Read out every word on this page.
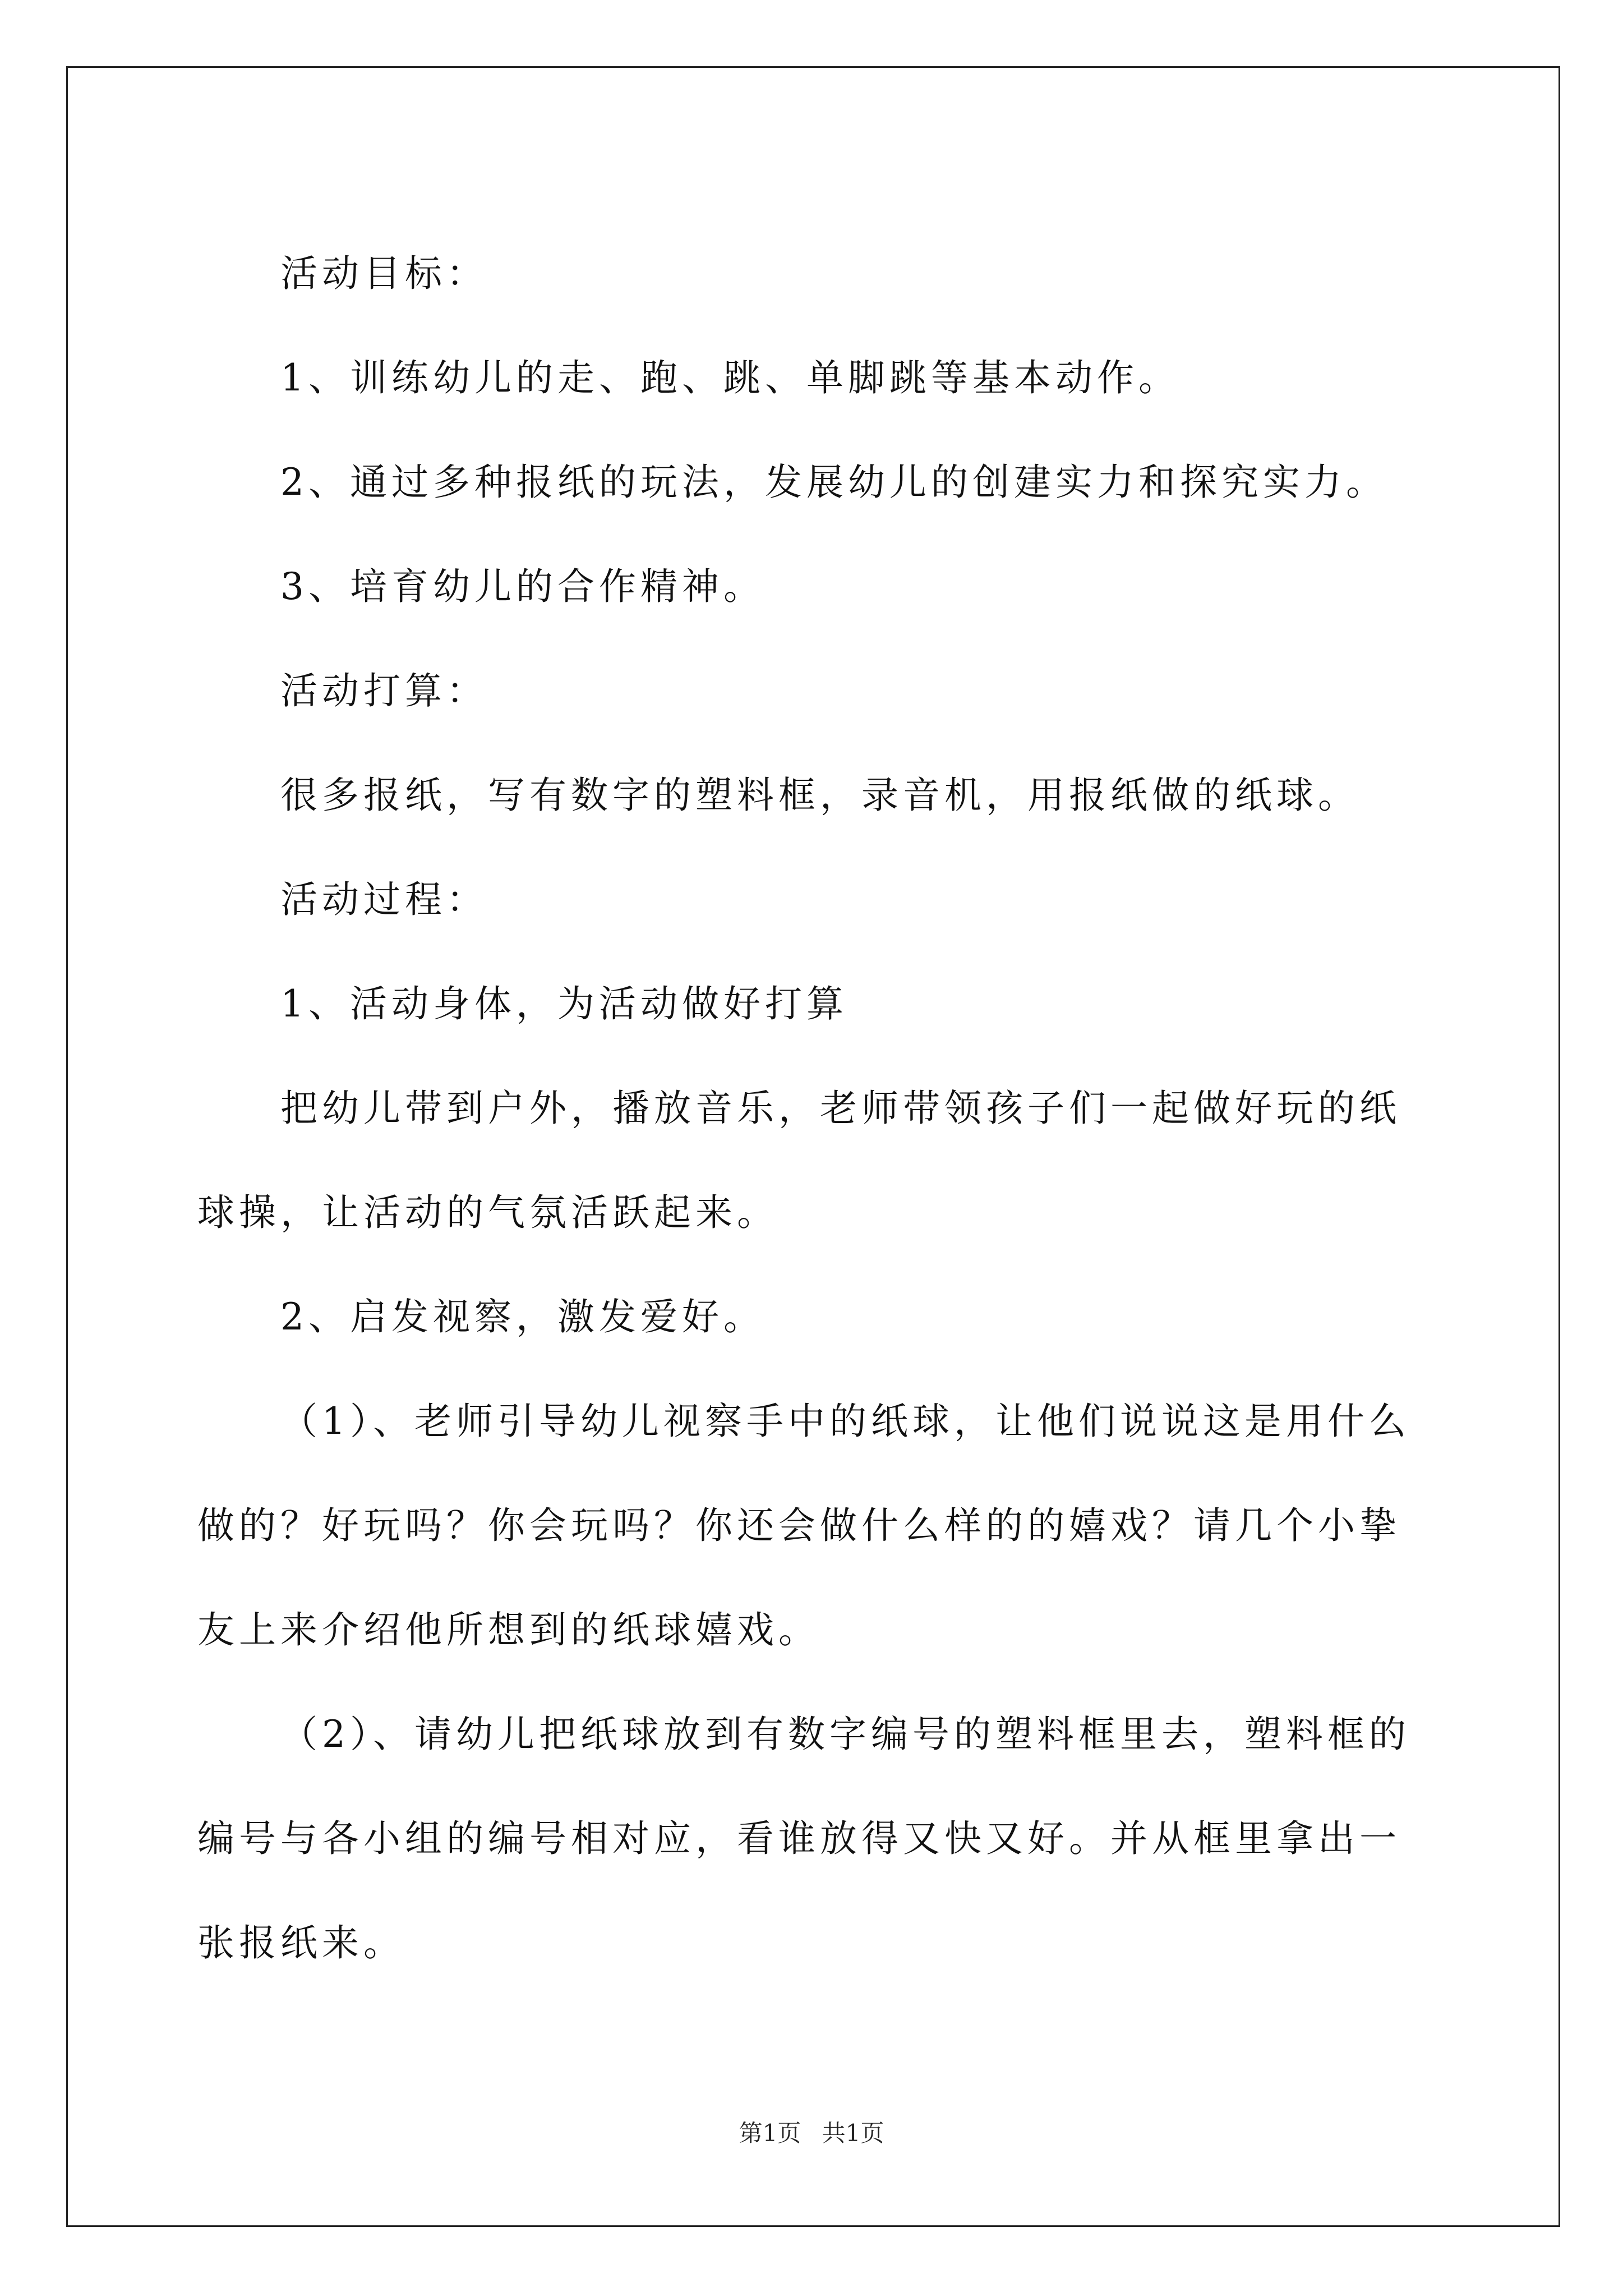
活动目标：

1、训练幼儿的走、跑、跳、单脚跳等基本动作。

2、通过多种报纸的玩法，发展幼儿的创建实力和探究实力。

3、培育幼儿的合作精神。

活动打算：

很多报纸，写有数字的塑料框，录音机，用报纸做的纸球。

活动过程：

1、活动身体，为活动做好打算

把幼儿带到户外，播放音乐，老师带领孩子们一起做好玩的纸球操，让活动的气氛活跃起来。

2、启发视察，激发爱好。

（1）、老师引导幼儿视察手中的纸球，让他们说说这是用什么做的？好玩吗？你会玩吗？你还会做什么样的的嬉戏？请几个小挚友上来介绍他所想到的纸球嬉戏。

（2）、请幼儿把纸球放到有数字编号的塑料框里去，塑料框的编号与各小组的编号相对应，看谁放得又快又好。并从框里拿出一张报纸来。

第1页 共1页
